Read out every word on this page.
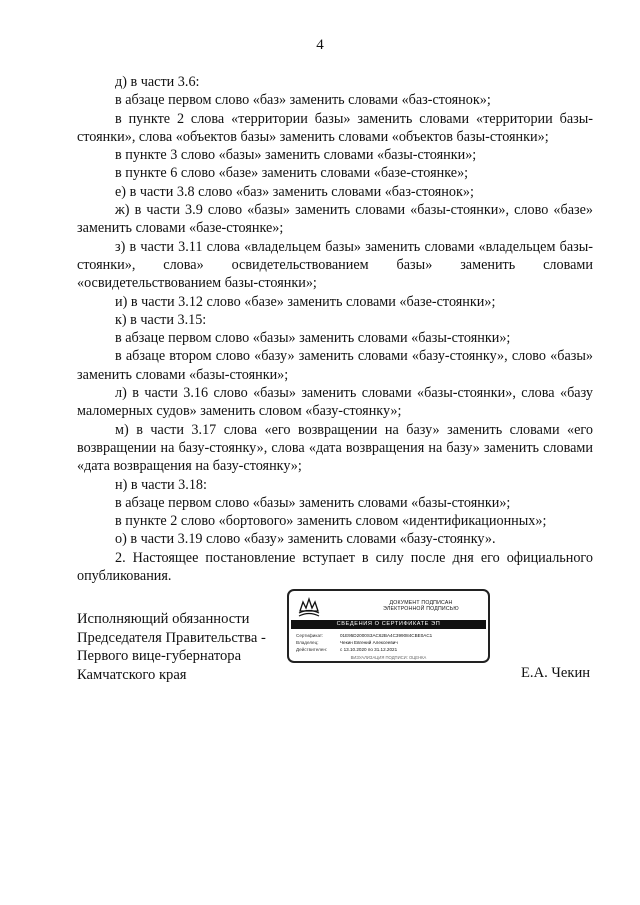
4

д) в части 3.6:

в абзаце первом слово «баз» заменить словами «баз-стоянок»;

в пункте 2 слова «территории базы» заменить словами «территории базы-стоянки», слова «объектов базы» заменить словами «объектов базы-стоянки»;

в пункте 3 слово «базы» заменить словами «базы-стоянки»;

в пункте 6 слово «базе» заменить словами «базе-стоянке»;

е) в части 3.8 слово «баз» заменить словами «баз-стоянок»;

ж) в части 3.9 слово «базы» заменить словами «базы-стоянки», слово «базе» заменить словами «базе-стоянке»;

з) в части 3.11 слова «владельцем базы» заменить словами «владельцем базы-стоянки», слова» освидетельствованием базы» заменить словами «освидетельствованием базы-стоянки»;

и) в части 3.12 слово «базе» заменить словами «базе-стоянки»;

к) в части 3.15:

в абзаце первом слово «базы» заменить словами «базы-стоянки»;

в абзаце втором слово «базу» заменить словами «базу-стоянку», слово «базы» заменить словами «базы-стоянки»;

л) в части 3.16 слово «базы» заменить словами «базы-стоянки», слова «базу маломерных судов» заменить словом «базу-стоянку»;

м) в части 3.17 слова «его возвращении на базу» заменить словами «его возвращении на базу-стоянку», слова «дата возвращения на базу» заменить словами «дата возвращения на базу-стоянку»;

н) в части 3.18:

в абзаце первом слово «базы» заменить словами «базы-стоянки»;

в пункте 2 слово «бортового» заменить словом «идентификационных»;

о) в части 3.19 слово «базу» заменить словами «базу-стоянку».

2. Настоящее постановление вступает в силу после дня его официального опубликования.

Исполняющий обязанности
Председателя Правительства -
Первого вице-губернатора
Камчатского края
ДОКУМЕНТ ПОДПИСАН
ЭЛЕКТРОННОЙ ПОДПИСЬЮ
СВЕДЕНИЯ О СЕРТИФИКАТЕ ЭП
Сертификат:	01E95D2000S3AC62BA4C399084CBE0AC1
Владелец:	Чекин Евгений Алексеевич
Действителен:	с 13.10.2020 по 31.12.2021
ВИЗУАЛИЗАЦИЯ ПОДПИСИ: ОЦЕНКА
Е.А. Чекин
